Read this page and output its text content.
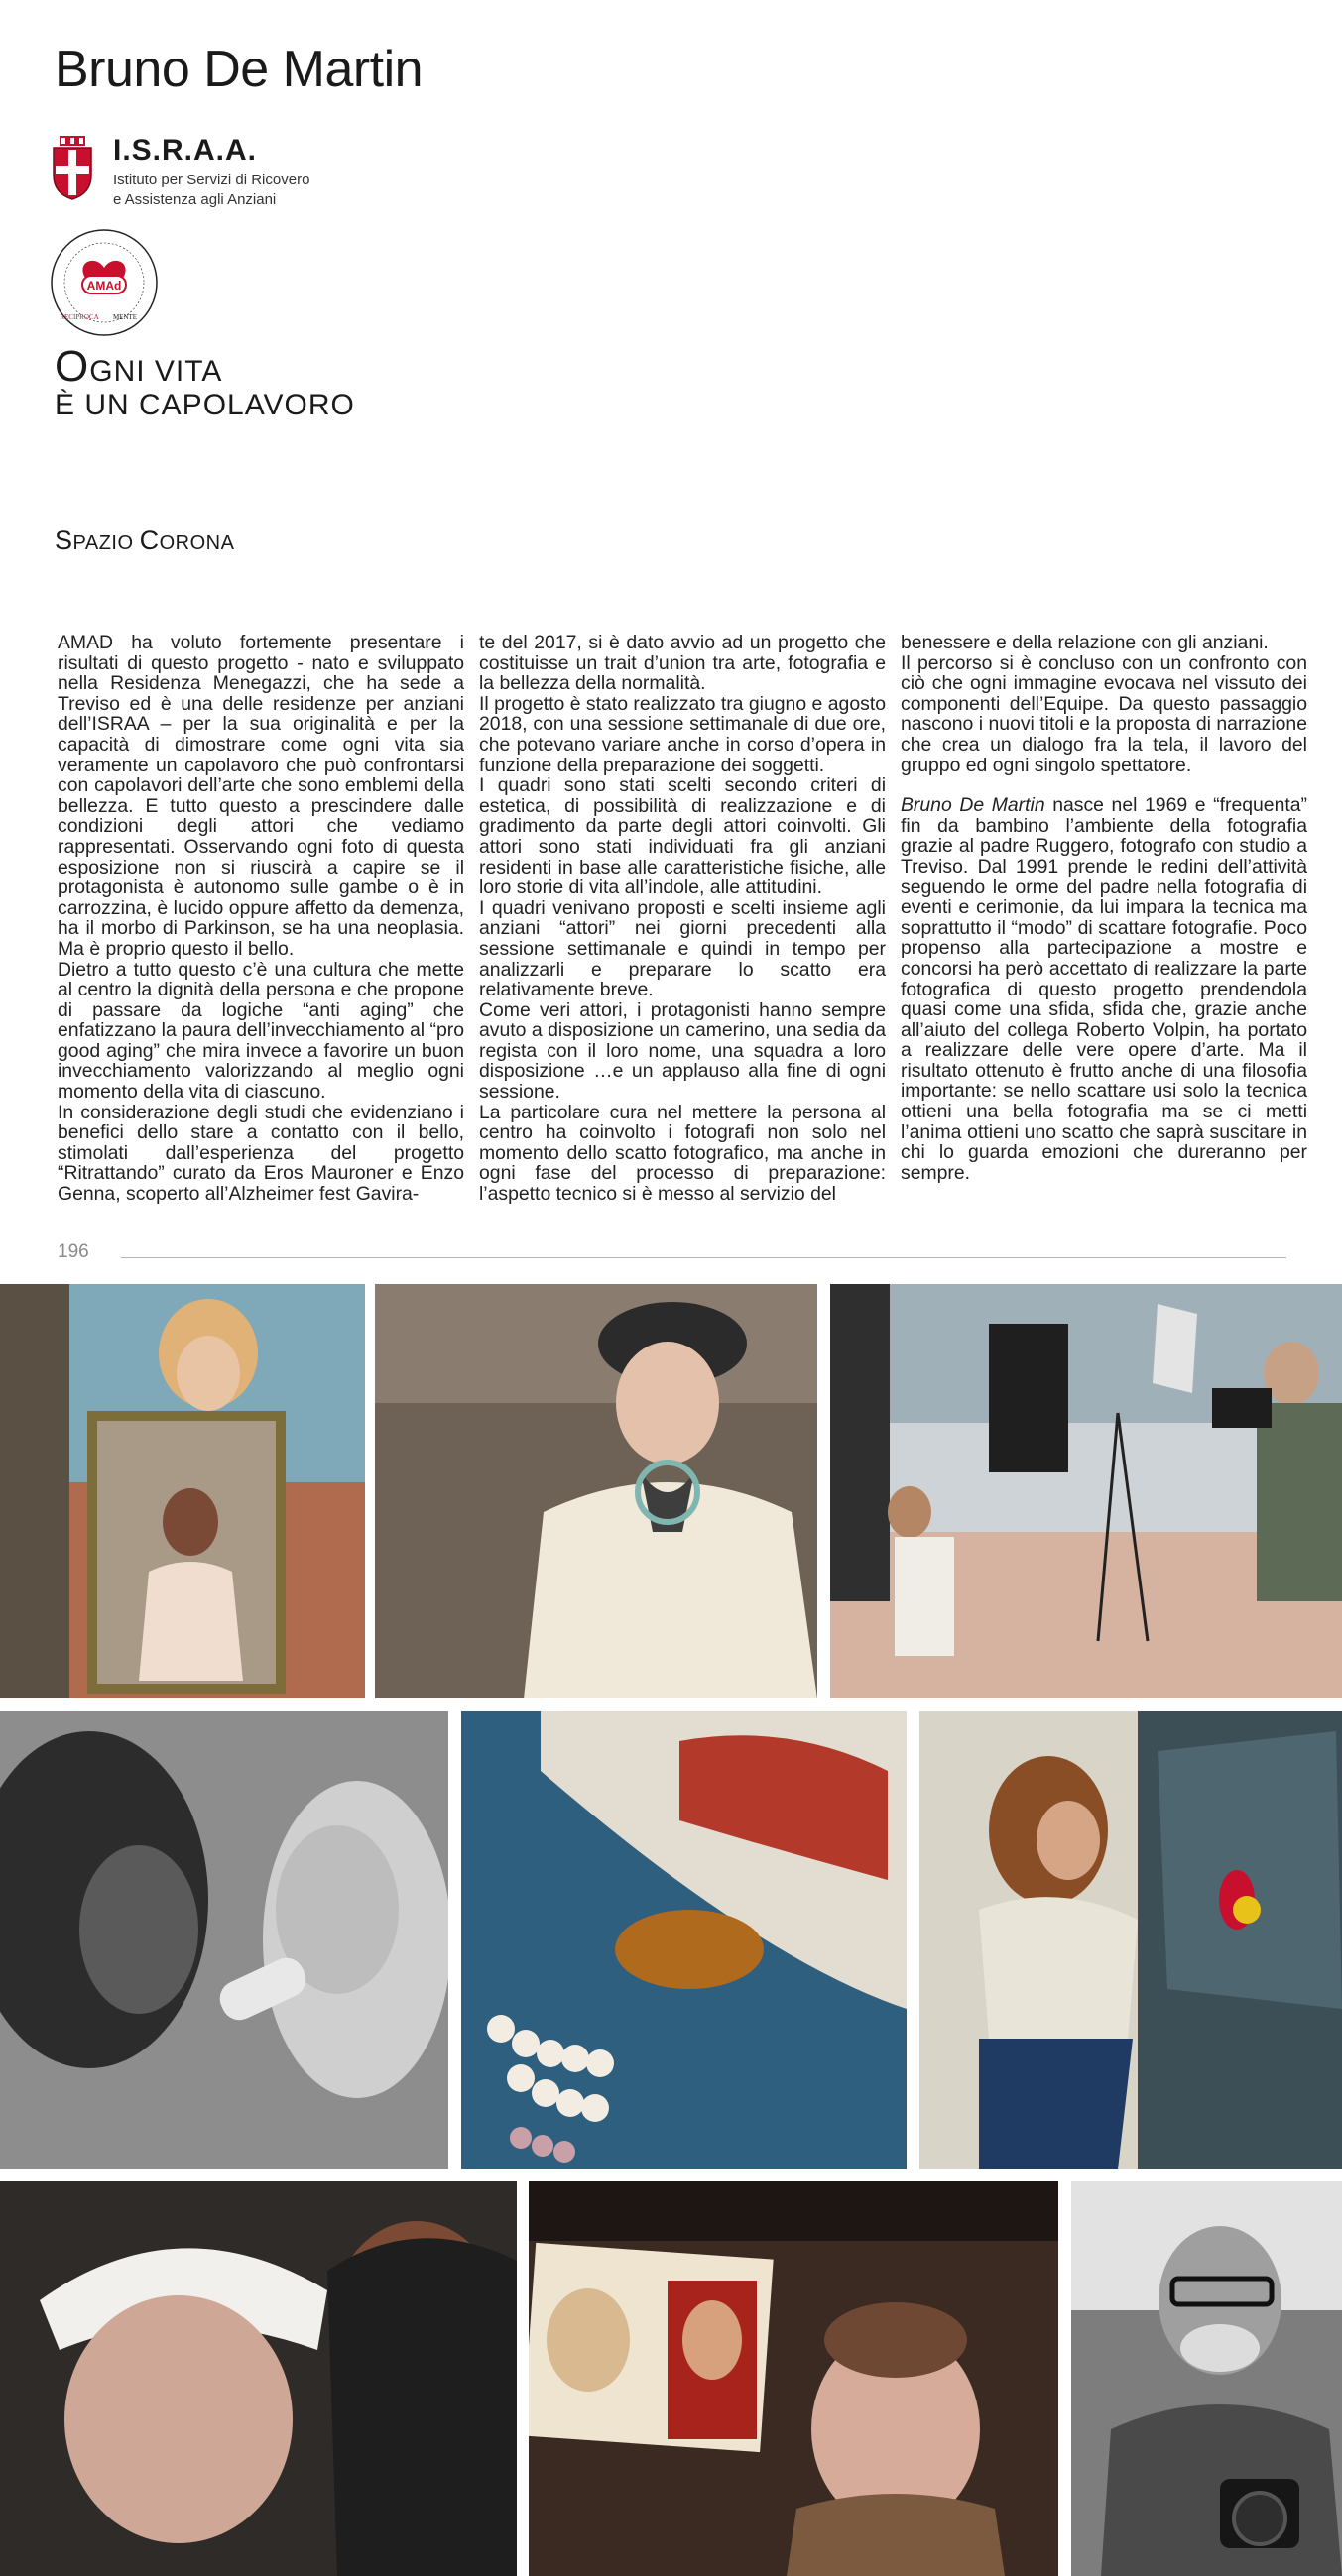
Bruno De Martin
I.S.R.A.A.
Istituto per Servizi di Ricovero
e Assistenza agli Anziani
AMAd
RECIPROCA MENTE
OGNI VITA
È UN CAPOLAVORO
SPAZIO CORONA

AMAD ha voluto fortemente presentare i risultati di questo progetto - nato e sviluppato nella Residenza Menegazzi, che ha sede a Treviso ed è una delle residenze per anziani dell’ISRAA – per la sua originalità e per la capacità di dimostrare come ogni vita sia veramente un capolavoro che può confrontarsi con capolavori dell’arte che sono emblemi della bellezza. E tutto questo a prescindere dalle condizioni degli attori che vediamo rappresentati. Osservando ogni foto di questa esposizione non si riuscirà a capire se il protagonista è autonomo sulle gambe o è in carrozzina, è lucido oppure affetto da demenza, ha il morbo di Parkinson, se ha una neoplasia. Ma è proprio questo il bello.

Dietro a tutto questo c’è una cultura che mette al centro la dignità della persona e che propone di passare da logiche “anti aging” che enfatizzano la paura dell’invecchiamento al “pro good aging” che mira invece a favorire un buon invecchiamento valorizzando al meglio ogni momento della vita di ciascuno.

In considerazione degli studi che evidenziano i benefici dello stare a contatto con il bello, stimolati dall’esperienza del progetto “Ritrattando” curato da Eros Mauroner e Enzo Genna, scoperto all’Alzheimer fest Gavira-

te del 2017, si è dato avvio ad un progetto che costituisse un trait d’union tra arte, fotografia e la bellezza della normalità.

Il progetto è stato realizzato tra giugno e agosto 2018, con una sessione settimanale di due ore, che potevano variare anche in corso d’opera in funzione della preparazione dei soggetti.

I quadri sono stati scelti secondo criteri di estetica, di possibilità di realizzazione e di gradimento da parte degli attori coinvolti. Gli attori sono stati individuati fra gli anziani residenti in base alle caratteristiche fisiche, alle loro storie di vita all’indole, alle attitudini.

I quadri venivano proposti e scelti insieme agli anziani “attori” nei giorni precedenti alla sessione settimanale e quindi in tempo per analizzarli e preparare lo scatto era relativamente breve.

Come veri attori, i protagonisti hanno sempre avuto a disposizione un camerino, una sedia da regista con il loro nome, una squadra a loro disposizione …e un applauso alla fine di ogni sessione.

La particolare cura nel mettere la persona al centro ha coinvolto i fotografi non solo nel momento dello scatto fotografico, ma anche in ogni fase del processo di preparazione: l’aspetto tecnico si è messo al servizio del

benessere e della relazione con gli anziani.

Il percorso si è concluso con un confronto con ciò che ogni immagine evocava nel vissuto dei componenti dell’Equipe. Da questo passaggio nascono i nuovi titoli e la proposta di narrazione che crea un dialogo fra la tela, il lavoro del gruppo ed ogni singolo spettatore.

Bruno De Martin nasce nel 1969 e “frequenta” fin da bambino l’ambiente della fotografia grazie al padre Ruggero, fotografo con studio a Treviso. Dal 1991 prende le redini dell’attività seguendo le orme del padre nella fotografia di eventi e cerimonie, da lui impara la tecnica ma soprattutto il “modo” di scattare fotografie. Poco propenso alla partecipazione a mostre e concorsi ha però accettato di realizzare la parte fotografica di questo progetto prendendola quasi come una sfida, sfida che, grazie anche all’aiuto del collega Roberto Volpin, ha portato a realizzare delle vere opere d’arte. Ma il risultato ottenuto è frutto anche di una filosofia importante: se nello scattare usi solo la tecnica ottieni una bella fotografia ma se ci metti l’anima ottieni uno scatto che saprà suscitare in chi lo guarda emozioni che dureranno per sempre.

196
